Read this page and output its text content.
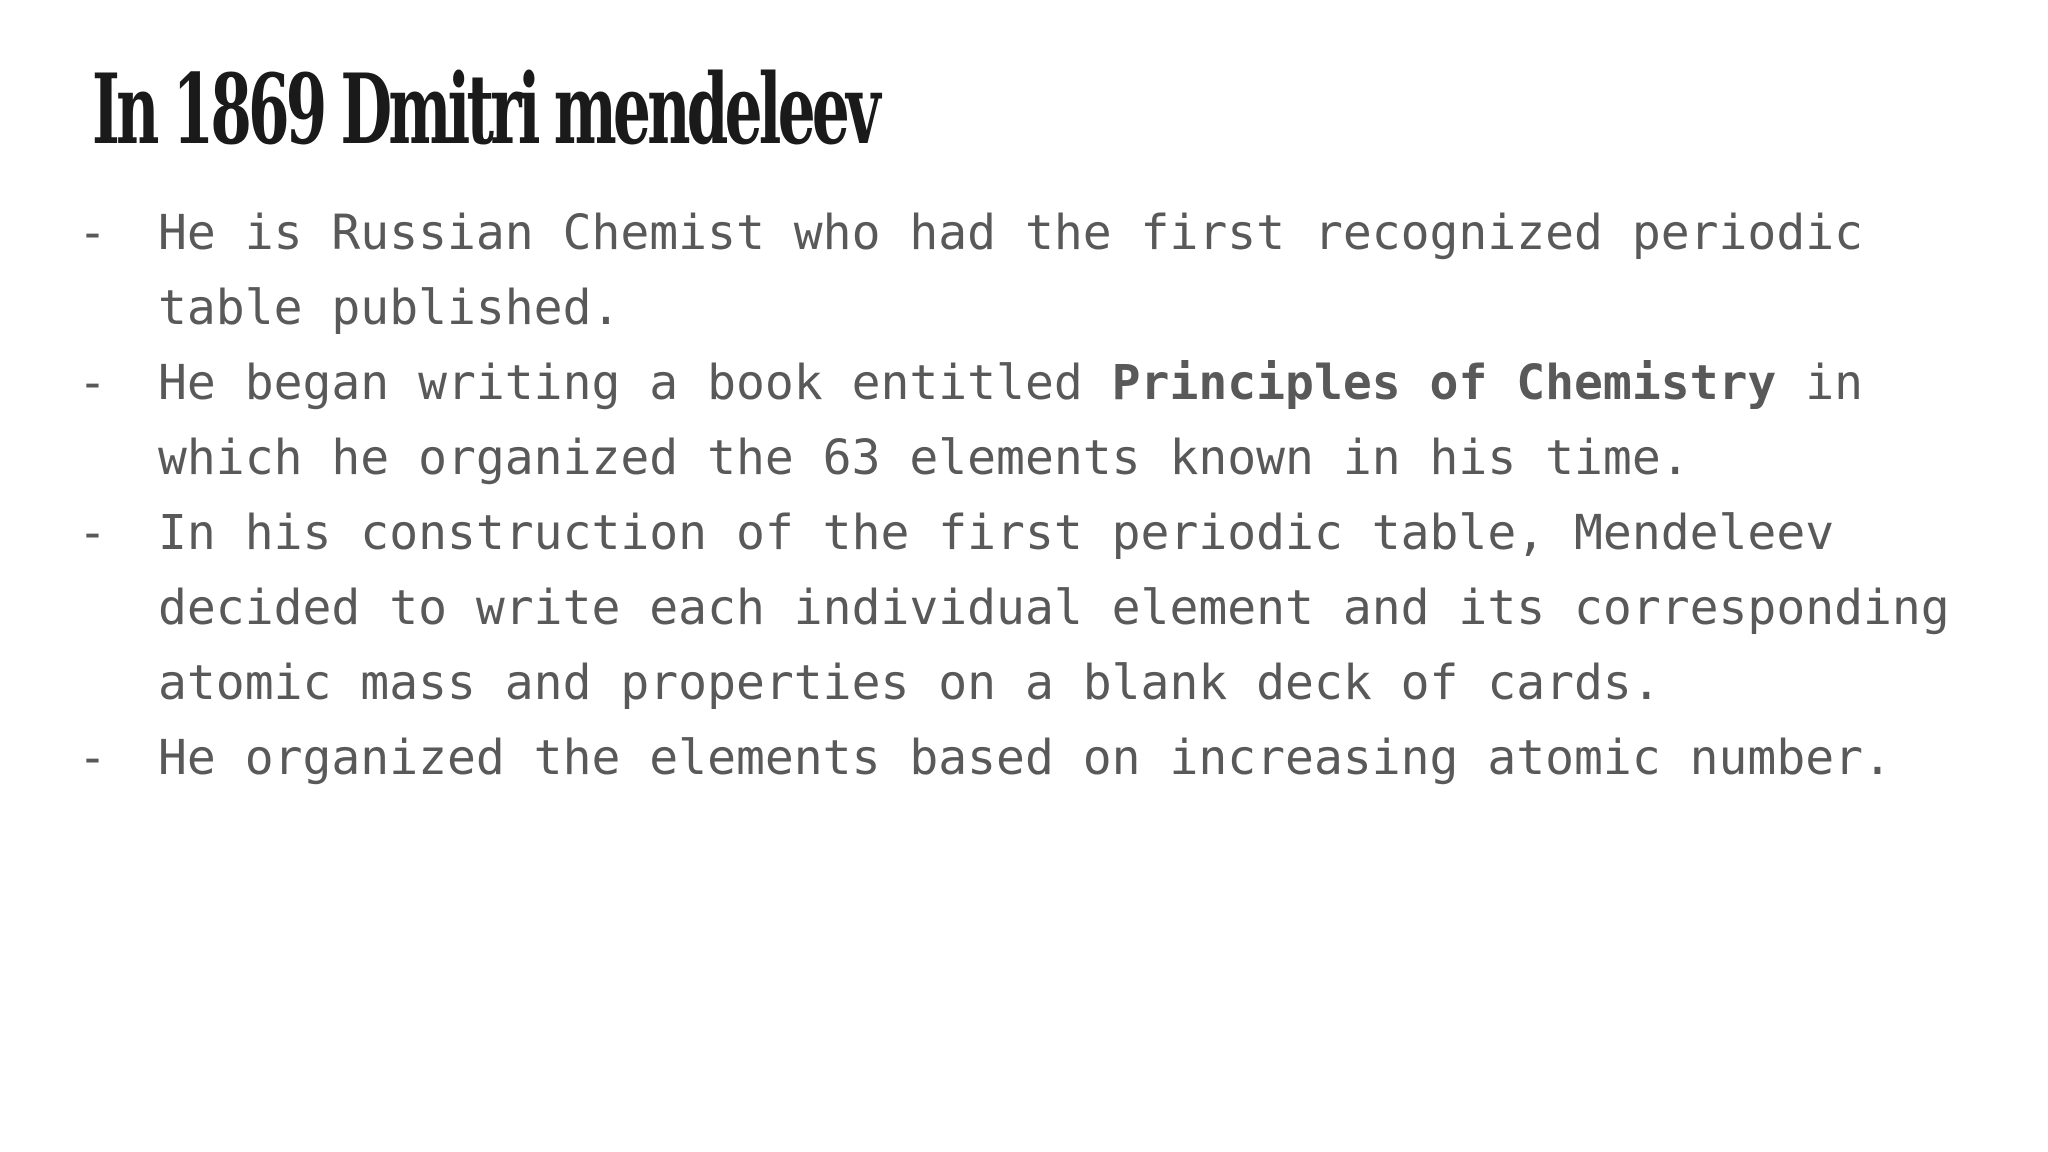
In 1869 Dmitri mendeleev
- He is Russian Chemist who had the first recognized periodic table published.
- He began writing a book entitled Principles of Chemistry in which he organized the 63 elements known in his time.
- In his construction of the first periodic table, Mendeleev decided to write each individual element and its corresponding atomic mass and properties on a blank deck of cards.
- He organized the elements based on increasing atomic number.
